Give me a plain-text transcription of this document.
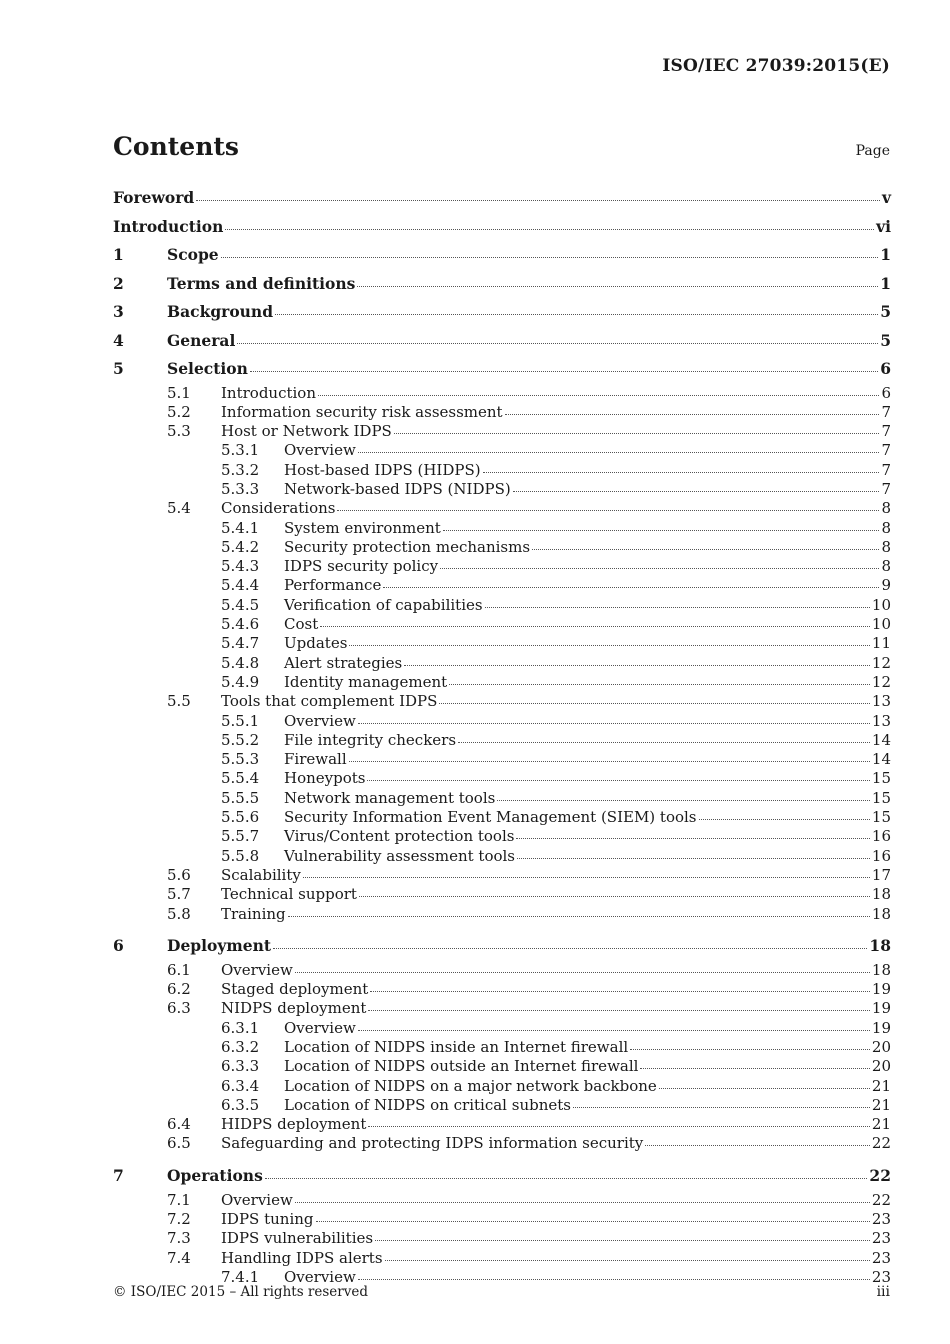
ISO/IEC 27039:2015(E)
Contents	Page
Foreword	v
Introduction	vi
1	Scope	1
2	Terms and definitions	1
3	Background	5
4	General	5
5	Selection	6
5.1	Introduction	6
5.2	Information security risk assessment	7
5.3	Host or Network IDPS	7
5.3.1	Overview	7
5.3.2	Host-based IDPS (HIDPS)	7
5.3.3	Network-based IDPS (NIDPS)	7
5.4	Considerations	8
5.4.1	System environment	8
5.4.2	Security protection mechanisms	8
5.4.3	IDPS security policy	8
5.4.4	Performance	9
5.4.5	Verification of capabilities	10
5.4.6	Cost	10
5.4.7	Updates	11
5.4.8	Alert strategies	12
5.4.9	Identity management	12
5.5	Tools that complement IDPS	13
5.5.1	Overview	13
5.5.2	File integrity checkers	14
5.5.3	Firewall	14
5.5.4	Honeypots	15
5.5.5	Network management tools	15
5.5.6	Security Information Event Management (SIEM) tools	15
5.5.7	Virus/Content protection tools	16
5.5.8	Vulnerability assessment tools	16
5.6	Scalability	17
5.7	Technical support	18
5.8	Training	18
6	Deployment	18
6.1	Overview	18
6.2	Staged deployment	19
6.3	NIDPS deployment	19
6.3.1	Overview	19
6.3.2	Location of NIDPS inside an Internet firewall	20
6.3.3	Location of NIDPS outside an Internet firewall	20
6.3.4	Location of NIDPS on a major network backbone	21
6.3.5	Location of NIDPS on critical subnets	21
6.4	HIDPS deployment	21
6.5	Safeguarding and protecting IDPS information security	22
7	Operations	22
7.1	Overview	22
7.2	IDPS tuning	23
7.3	IDPS vulnerabilities	23
7.4	Handling IDPS alerts	23
7.4.1	Overview	23
© ISO/IEC 2015 – All rights reserved	iii
